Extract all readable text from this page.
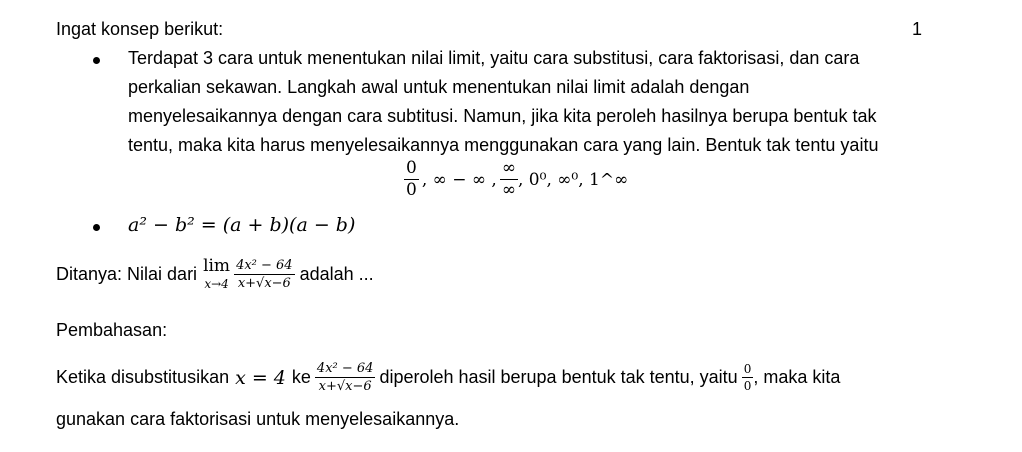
Ingat konsep berikut:	1
Terdapat 3 cara untuk menentukan nilai limit, yaitu cara substitusi, cara faktorisasi, dan cara
perkalian sekawan. Langkah awal untuk menentukan nilai limit adalah dengan
menyelesaikannya dengan cara subtitusi. Namun, jika kita peroleh hasilnya berupa bentuk tak
tentu, maka kita harus menyelesaikannya menggunakan cara yang lain. Bentuk tak tentu yaitu
$\frac{0}{0}$ , ∞ − ∞ , $\frac{\infty}{\infty}$ , 0⁰, ∞⁰, 1^∞
a² − b² = (a + b)(a − b)
Ditanya: Nilai dari lim
$x\to 4 \frac{\text{4x² − 64}}{x+√x-6}$ adalah ...
Pembahasan:
Ketika disubstitusikan x = 4 ke $\frac{\text{4x² − 64}}{x+√x-6}$ diperoleh hasil berupa bentuk tak tentu, yaitu $\frac{0}{0}$ , maka kita
gunakan cara faktorisasi untuk menyelesaikannya.
